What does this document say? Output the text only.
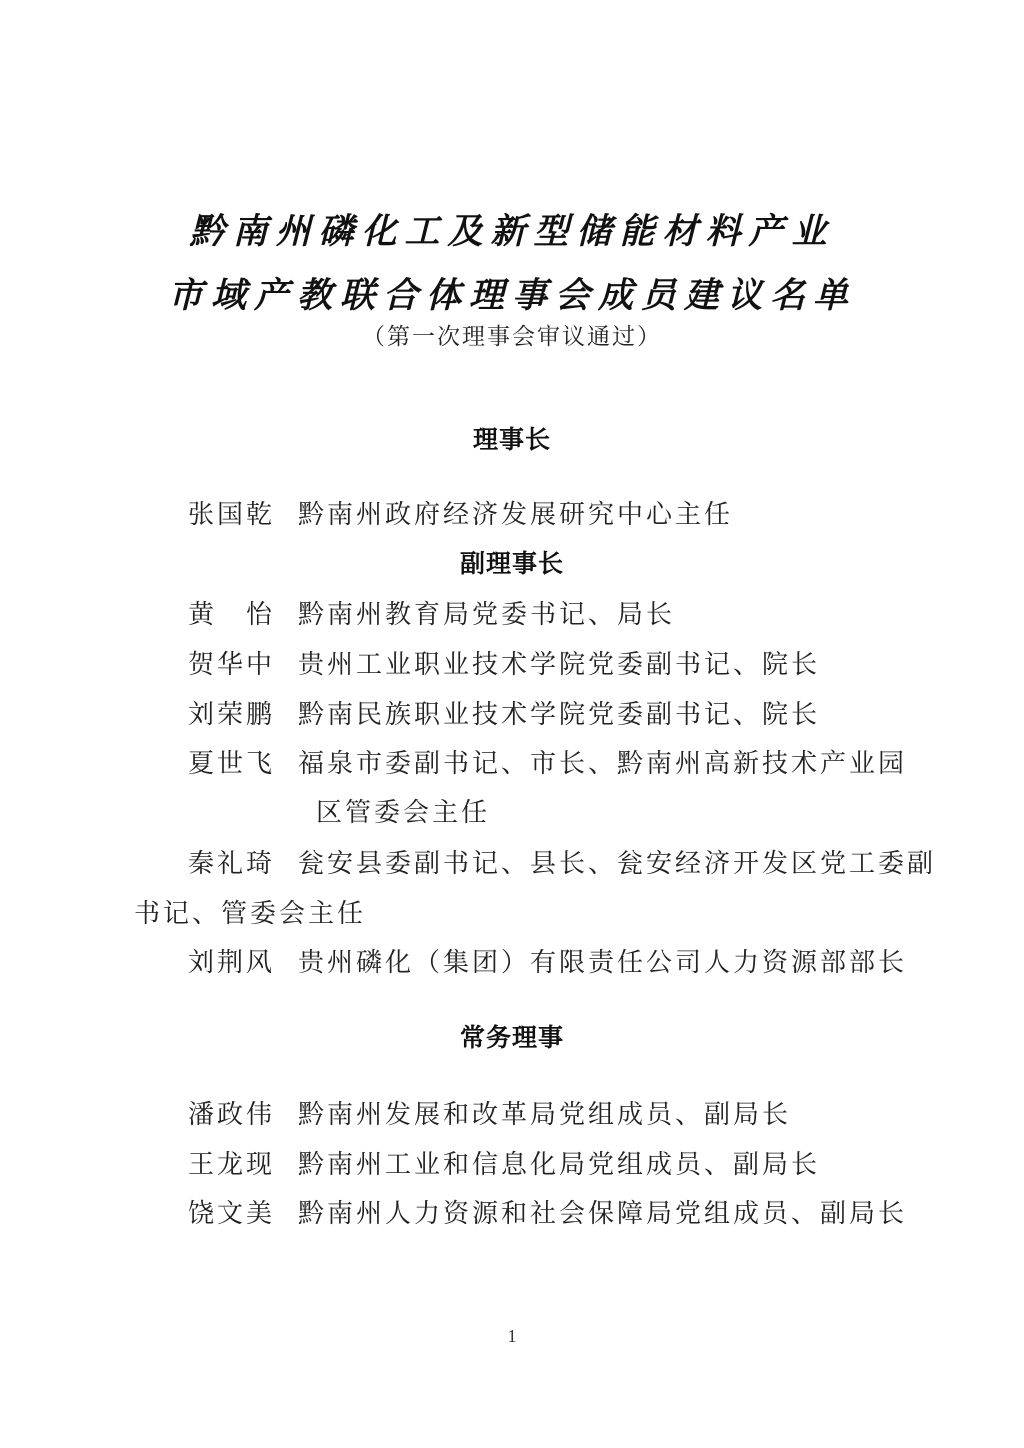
黔南州磷化工及新型储能材料产业
市域产教联合体理事会成员建议名单
（第一次理事会审议通过）
理事长
张国乾 黔南州政府经济发展研究中心主任
副理事长
黄　怡 黔南州教育局党委书记、局长
贺华中 贵州工业职业技术学院党委副书记、院长
刘荣鹏 黔南民族职业技术学院党委副书记、院长
夏世飞 福泉市委副书记、市长、黔南州高新技术产业园
区管委会主任
秦礼琦 瓮安县委副书记、县长、瓮安经济开发区党工委副
书记、管委会主任
刘荆风 贵州磷化（集团）有限责任公司人力资源部部长
常务理事
潘政伟 黔南州发展和改革局党组成员、副局长
王龙现 黔南州工业和信息化局党组成员、副局长
饶文美 黔南州人力资源和社会保障局党组成员、副局长
1
